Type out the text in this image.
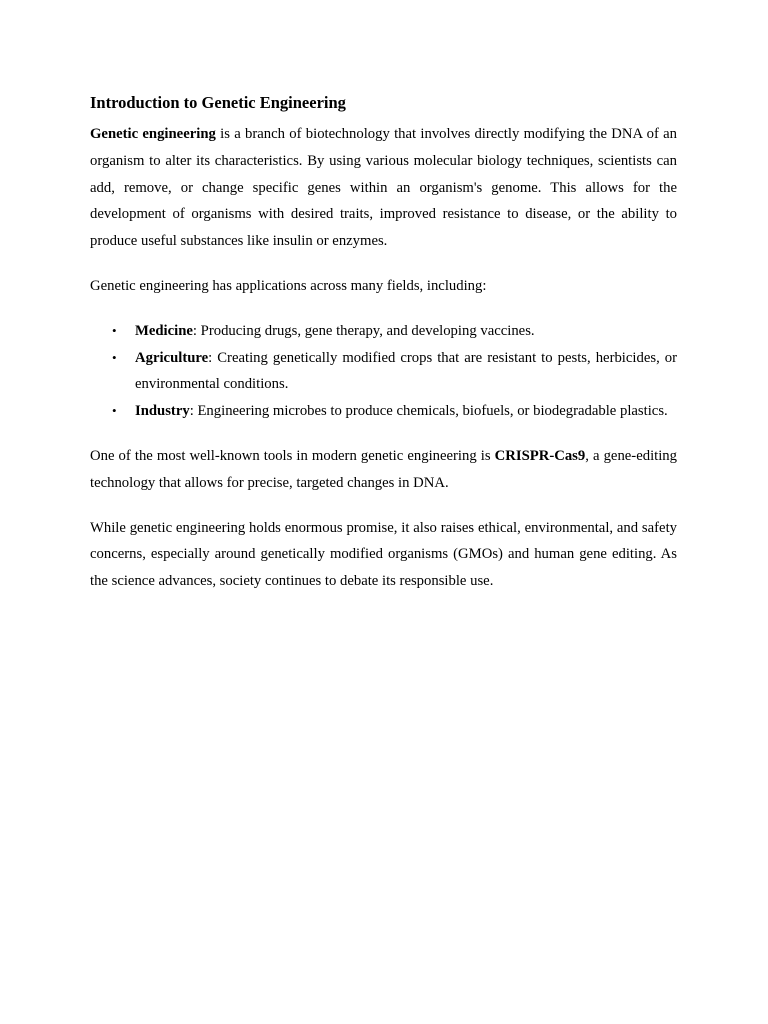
Introduction to Genetic Engineering

Genetic engineering is a branch of biotechnology that involves directly modifying the DNA of an organism to alter its characteristics. By using various molecular biology techniques, scientists can add, remove, or change specific genes within an organism's genome. This allows for the development of organisms with desired traits, improved resistance to disease, or the ability to produce useful substances like insulin or enzymes.

Genetic engineering has applications across many fields, including:

• Medicine: Producing drugs, gene therapy, and developing vaccines.
• Agriculture: Creating genetically modified crops that are resistant to pests, herbicides, or environmental conditions.
• Industry: Engineering microbes to produce chemicals, biofuels, or biodegradable plastics.

One of the most well-known tools in modern genetic engineering is CRISPR-Cas9, a gene-editing technology that allows for precise, targeted changes in DNA.

While genetic engineering holds enormous promise, it also raises ethical, environmental, and safety concerns, especially around genetically modified organisms (GMOs) and human gene editing. As the science advances, society continues to debate its responsible use.
